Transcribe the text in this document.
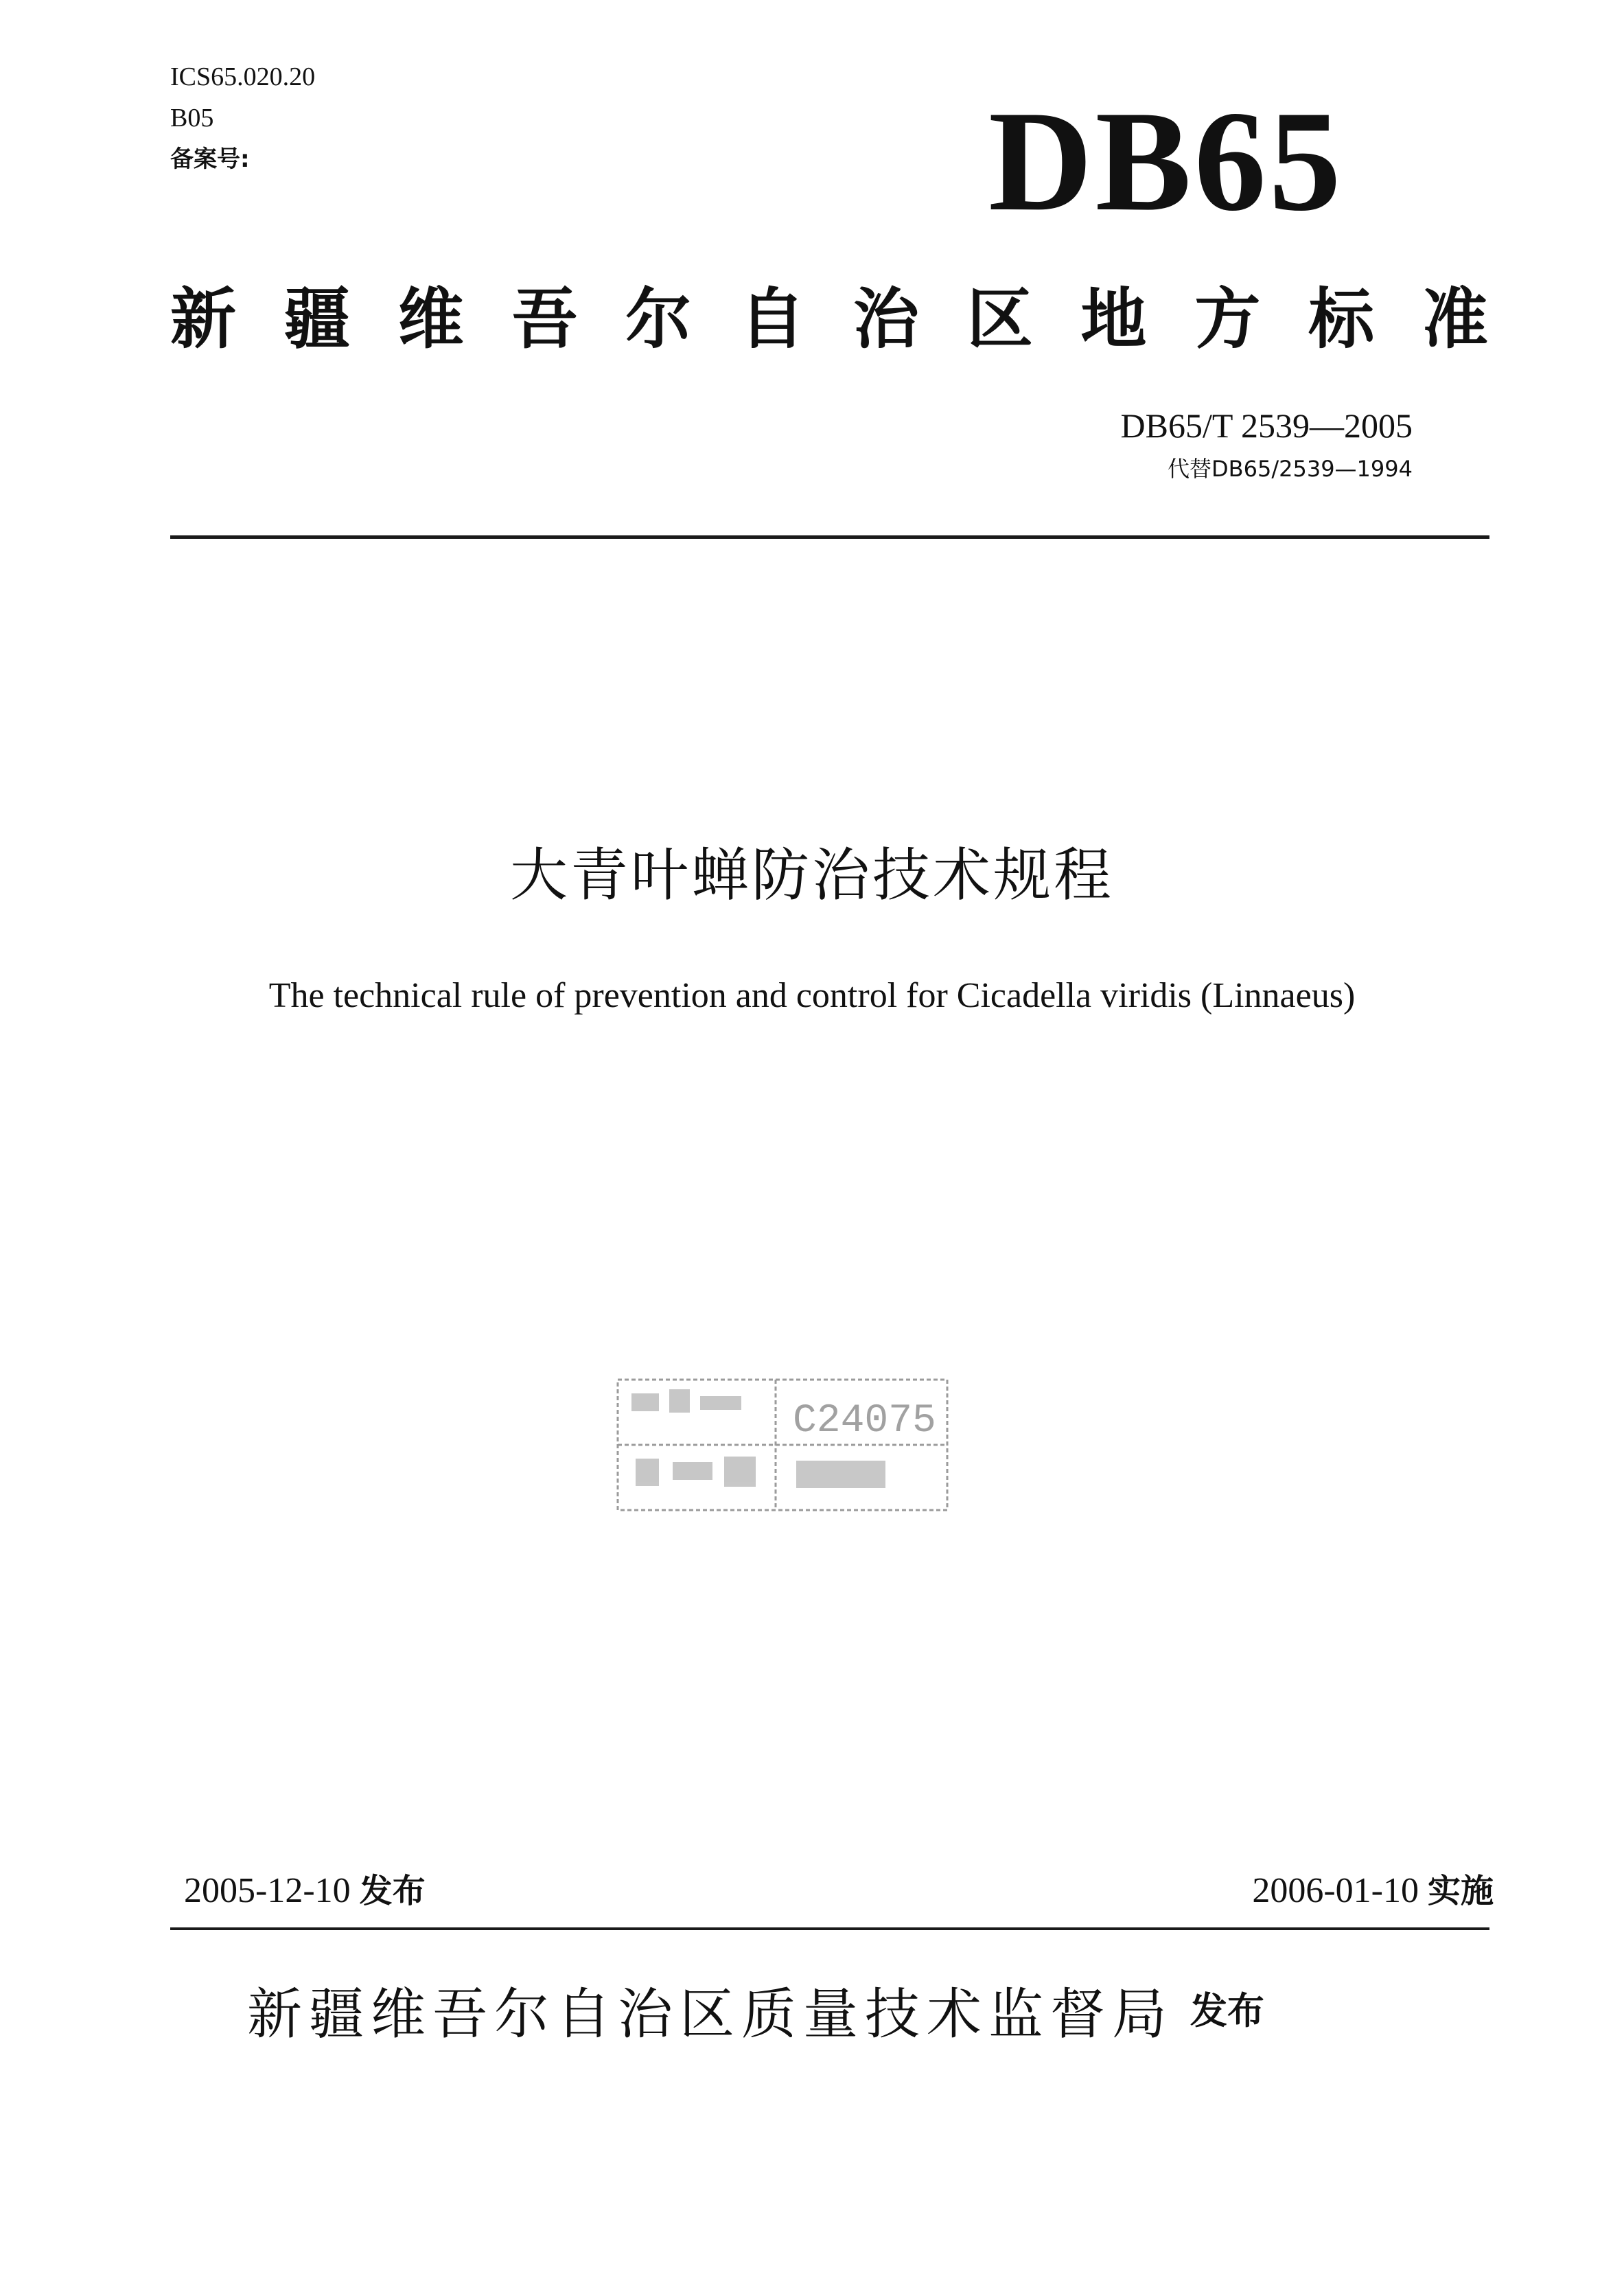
ICS65.020.20
B05
备案号:	DB65
新 疆 维 吾 尔 自 治 区 地 方 标 准
DB65/T 2539—2005
代替DB65/2539—1994
大青叶蝉防治技术规程
The technical rule of prevention and control for Cicadella viridis (Linnaeus)
C24075
2005-12-10 发布	2006-01-10 实施
新疆维吾尔自治区质量技术监督局 发布
